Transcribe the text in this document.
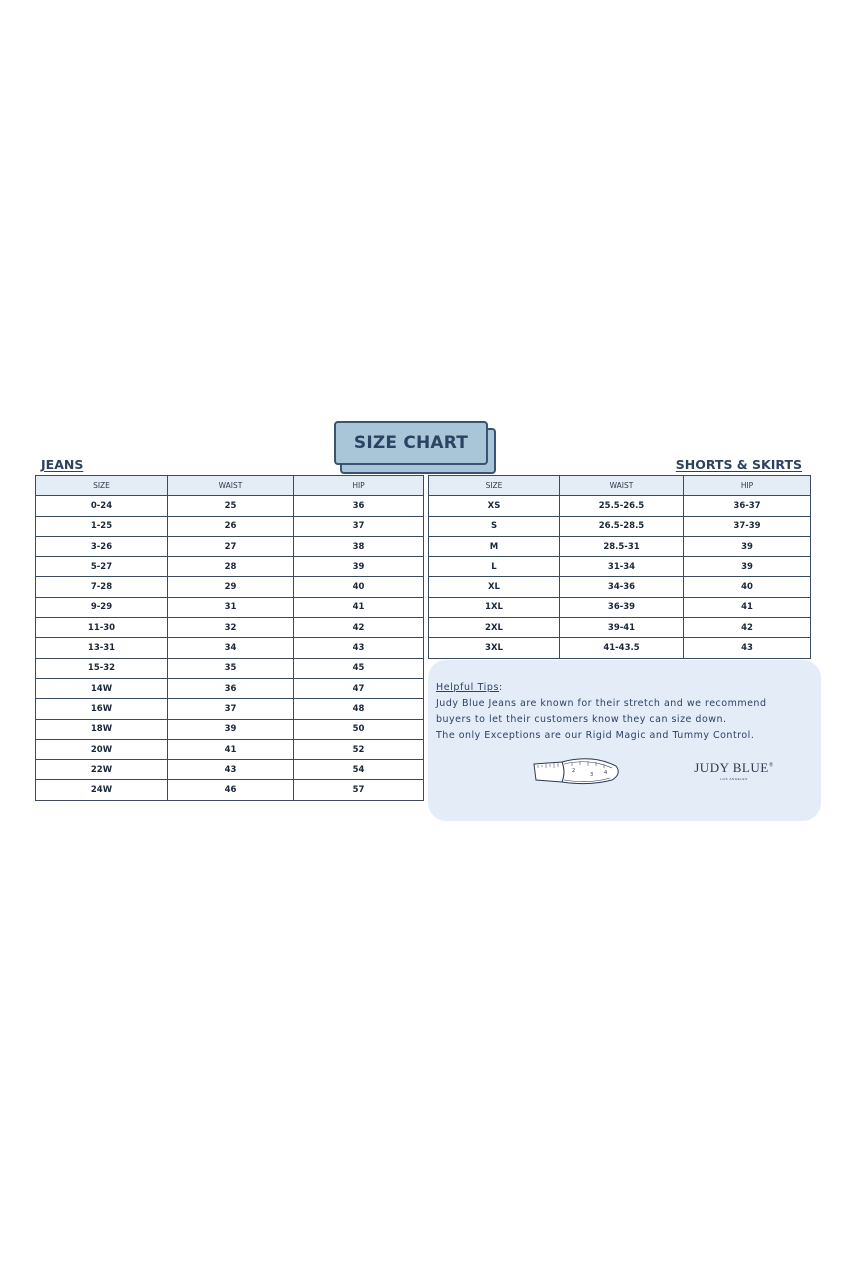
SIZE CHART
JEANS	SHORTS & SKIRTS
SIZE	WAIST	HIP
0-24	25	36
1-25	26	37
3-26	27	38
5-27	28	39
7-28	29	40
9-29	31	41
11-30	32	42
13-31	34	43
15-32	35	45
14W	36	47
16W	37	48
18W	39	50
20W	41	52
22W	43	54
24W	46	57
SIZE	WAIST	HIP
XS	25.5-26.5	36-37
S	26.5-28.5	37-39
M	28.5-31	39
L	31-34	39
XL	34-36	40
1XL	36-39	41
2XL	39-41	42
3XL	41-43.5	43
Helpful Tips:
Judy Blue Jeans are known for their stretch and we recommend
buyers to let their customers know they can size down.
The only Exceptions are our Rigid Magic and Tummy Control.
2
3 4	JUDY BLUE®
LOS ANGELES
